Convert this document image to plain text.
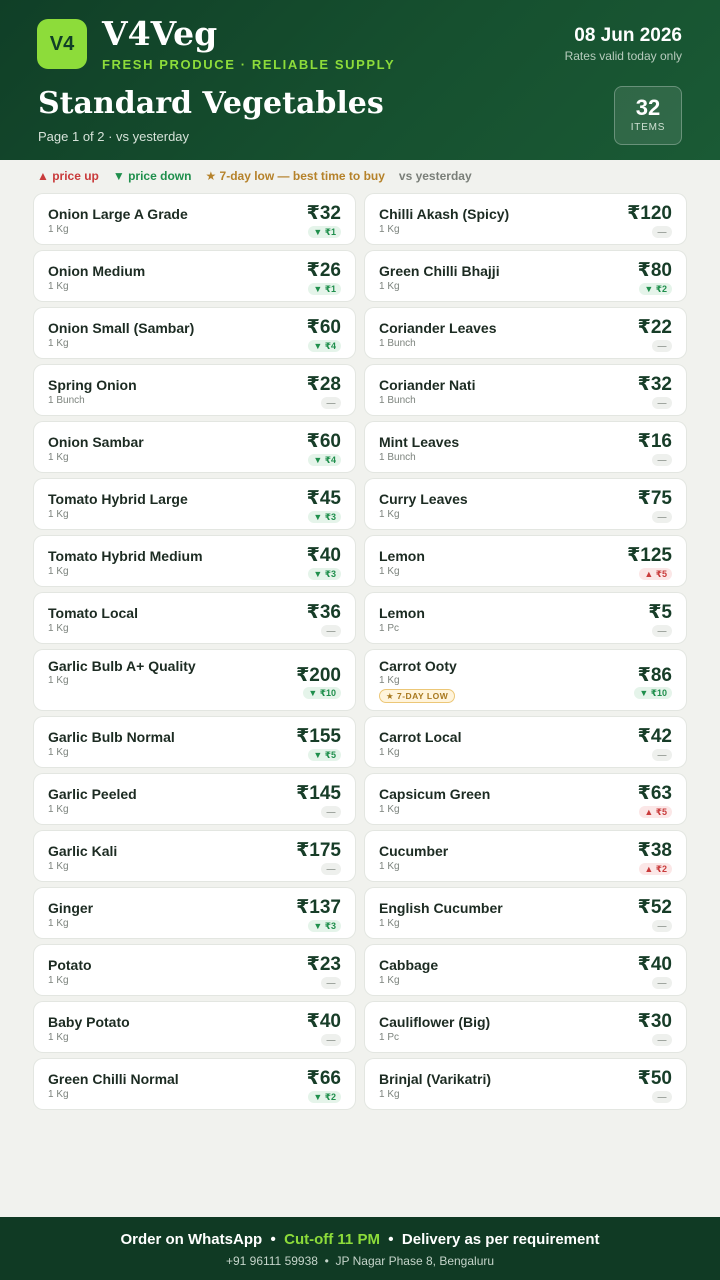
V4 V4Veg
FRESH PRODUCE · RELIABLE SUPPLY
08 Jun 2026
Rates valid today only
Standard Vegetables
Page 1 of 2 · vs yesterday
32
ITEMS
▲ price up ▼ price down ★ 7-day low — best time to buy vs yesterday
Onion Large A Grade
1 Kg
₹32
▼ ₹1
Onion Medium
1 Kg
₹26
▼ ₹1
Onion Small (Sambar)
1 Kg
₹60
▼ ₹4
Spring Onion
1 Bunch
₹28
—
Onion Sambar
1 Kg
₹60
▼ ₹4
Tomato Hybrid Large
1 Kg
₹45
▼ ₹3
Tomato Hybrid Medium
1 Kg
₹40
▼ ₹3
Tomato Local
1 Kg
₹36
—
Garlic Bulb A+ Quality
1 Kg	₹200
▼ ₹10
Garlic Bulb Normal
1 Kg
₹155
▼ ₹5
Garlic Peeled
1 Kg
₹145
—
Garlic Kali
1 Kg
₹175
—
Ginger
1 Kg
₹137
▼ ₹3
Potato
1 Kg
₹23
—
Baby Potato
1 Kg
₹40
—
Green Chilli Normal
1 Kg
₹66
▼ ₹2
Chilli Akash (Spicy)
1 Kg
₹120
—
Green Chilli Bhajji
1 Kg
₹80
▼ ₹2
Coriander Leaves
1 Bunch
₹22
—
Coriander Nati
1 Bunch
₹32
—
Mint Leaves
1 Bunch
₹16
—
Curry Leaves
1 Kg
₹75
—
Lemon
1 Kg
₹125
▲ ₹5
Lemon
1 Pc
₹5
—
Carrot Ooty
1 Kg
★ 7-DAY LOW
₹86
▼ ₹10
Carrot Local
1 Kg
₹42
—
Capsicum Green
1 Kg
₹63
▲ ₹5
Cucumber
1 Kg
₹38
▲ ₹2
English Cucumber
1 Kg
₹52
—
Cabbage
1 Kg
₹40
—
Cauliflower (Big)
1 Pc
₹30
—
Brinjal (Varikatri)
1 Kg
₹50
—
Order on WhatsApp • Cut-off 11 PM • Delivery as per requirement
+91 96111 59938 • JP Nagar Phase 8, Bengaluru
